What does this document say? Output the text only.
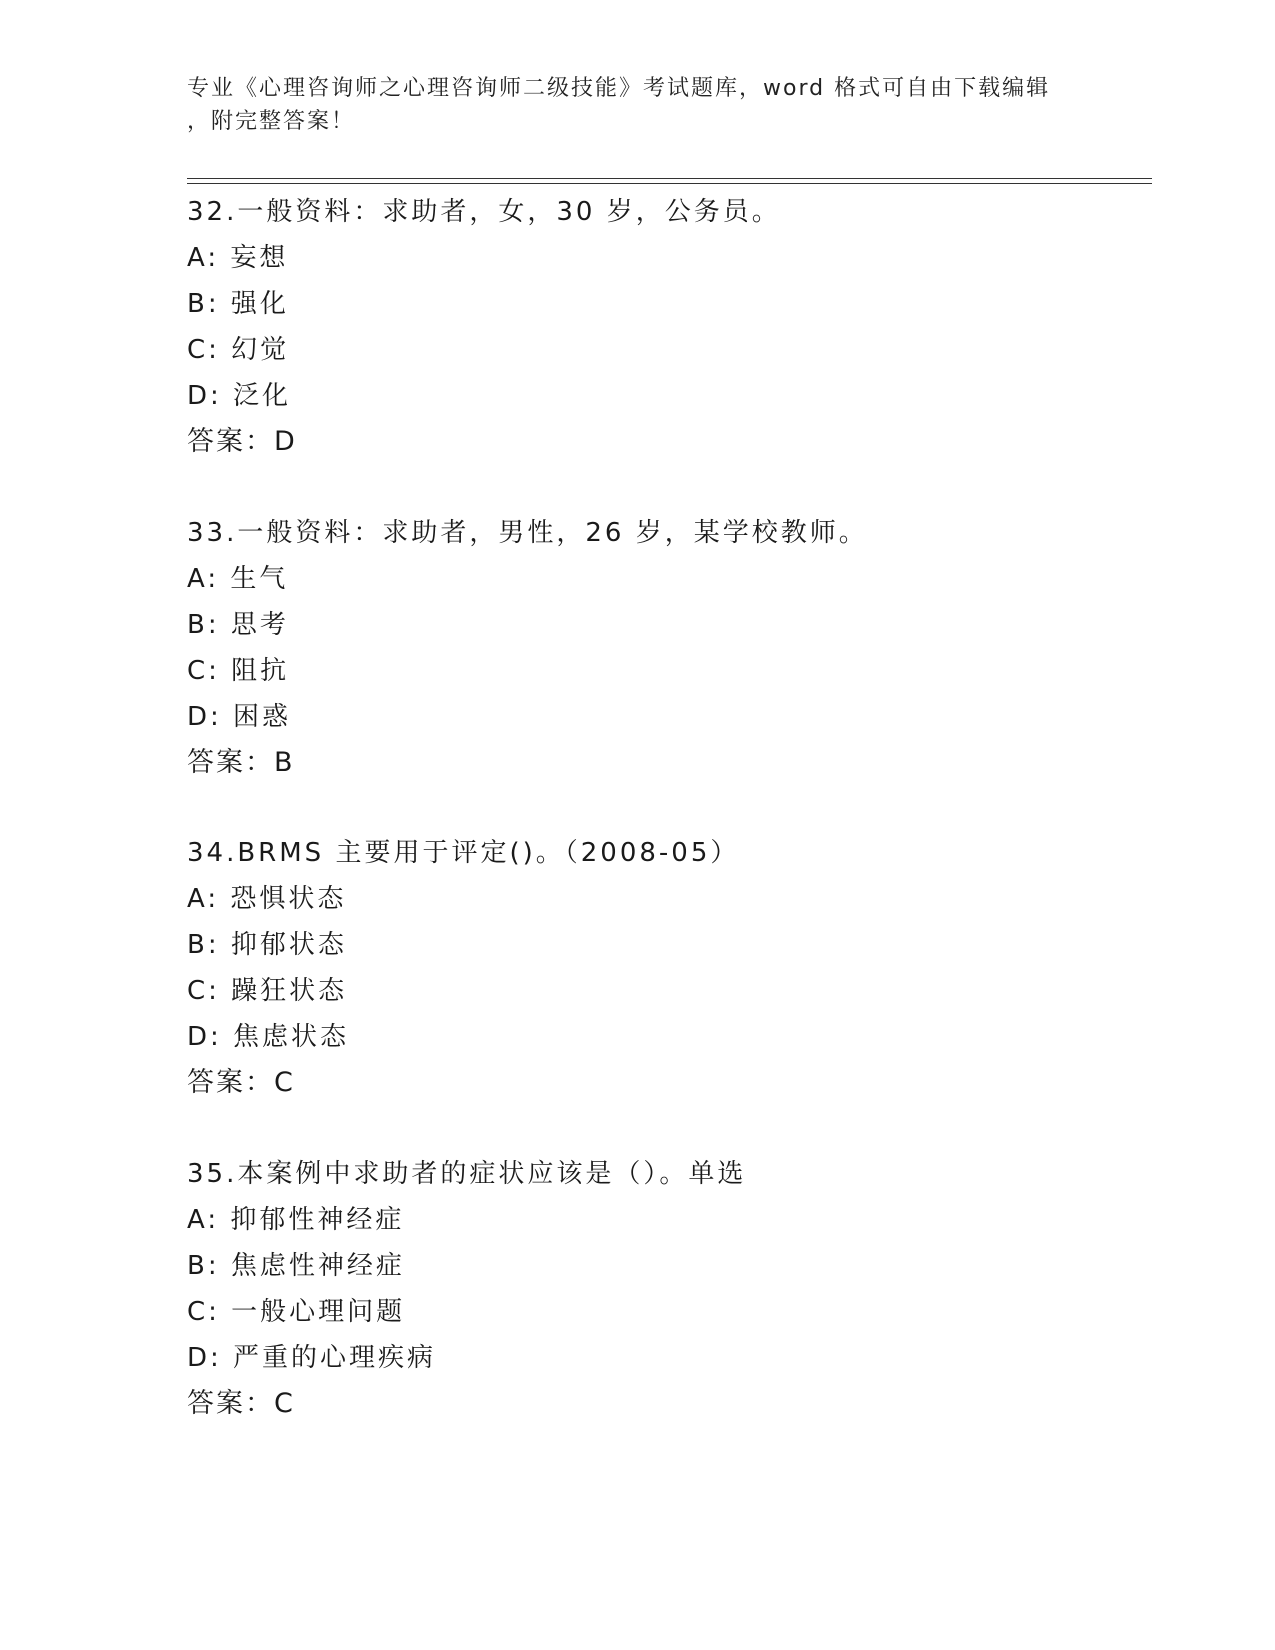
专业《心理咨询师之心理咨询师二级技能》考试题库，word 格式可自由下载编辑
，附完整答案！
32.一般资料：求助者，女，30 岁，公务员。
A: 妄想
B: 强化
C: 幻觉
D: 泛化
答案：D
33.一般资料：求助者，男性，26 岁，某学校教师。
A: 生气
B: 思考
C: 阻抗
D: 困惑
答案：B
34.BRMS 主要用于评定()。（2008-05）
A: 恐惧状态
B: 抑郁状态
C: 躁狂状态
D: 焦虑状态
答案：C
35.本案例中求助者的症状应该是（）。单选
A: 抑郁性神经症
B: 焦虑性神经症
C: 一般心理问题
D: 严重的心理疾病
答案：C
